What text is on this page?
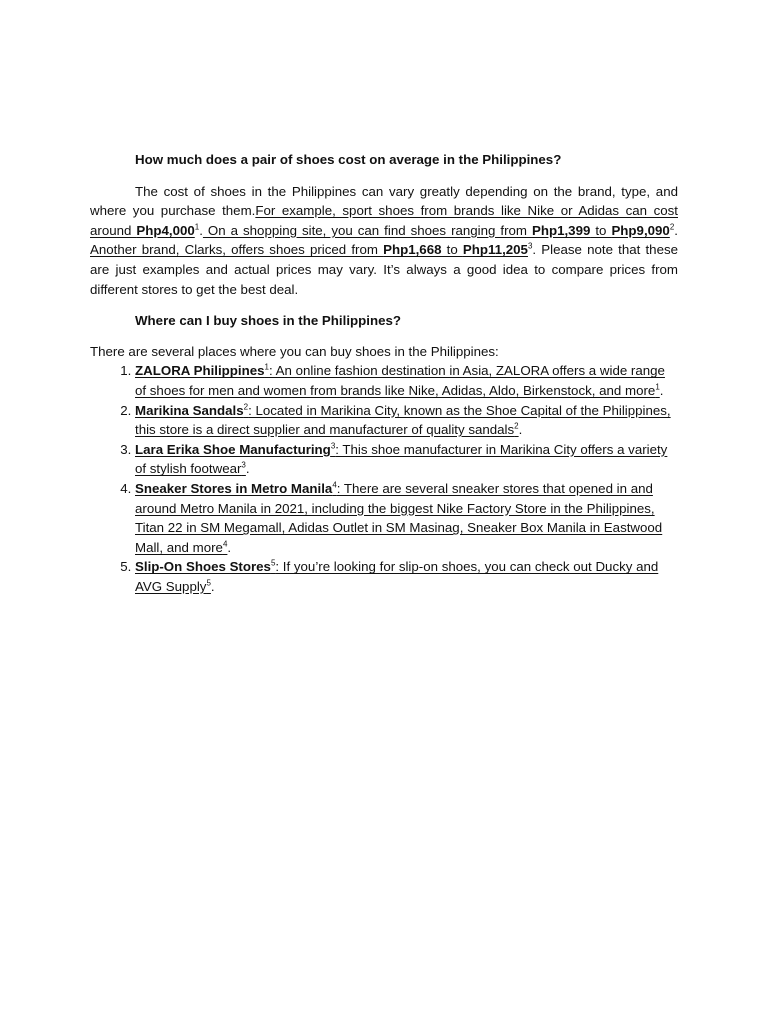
How much does a pair of shoes cost on average in the Philippines?

The cost of shoes in the Philippines can vary greatly depending on the brand, type, and where you purchase them.For example, sport shoes from brands like Nike or Adidas can cost around Php4,000$^1$. On a shopping site, you can find shoes ranging from Php1,399 to Php9,090$^2$. Another brand, Clarks, offers shoes priced from Php1,668 to Php11,205$^3$. Please note that these are just examples and actual prices may vary. It’s always a good idea to compare prices from different stores to get the best deal.

Where can I buy shoes in the Philippines?

There are several places where you can buy shoes in the Philippines:

1. ZALORA Philippines$^1$: An online fashion destination in Asia, ZALORA offers a wide range of shoes for men and women from brands like Nike, Adidas, Aldo, Birkenstock, and more$^1$.
2. Marikina Sandals$^2$: Located in Marikina City, known as the Shoe Capital of the Philippines, this store is a direct supplier and manufacturer of quality sandals$^2$.
3. Lara Erika Shoe Manufacturing$^3$: This shoe manufacturer in Marikina City offers a variety of stylish footwear$^3$.
4. Sneaker Stores in Metro Manila$^4$: There are several sneaker stores that opened in and around Metro Manila in 2021, including the biggest Nike Factory Store in the Philippines, Titan 22 in SM Megamall, Adidas Outlet in SM Masinag, Sneaker Box Manila in Eastwood Mall, and more$^4$.
5. Slip-On Shoes Stores$^5$: If you’re looking for slip-on shoes, you can check out Ducky and AVG Supply$^5$.
